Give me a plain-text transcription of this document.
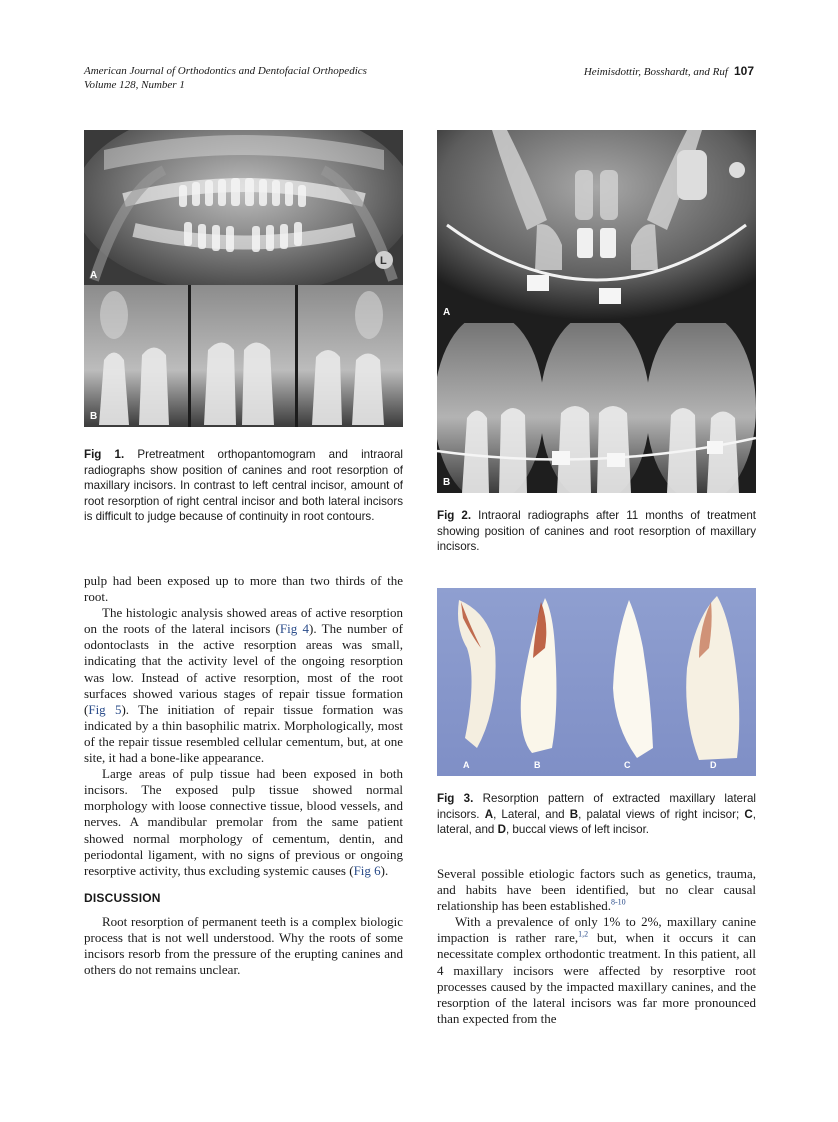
American Journal of Orthodontics and Dentofacial Orthopedics
Volume 128, Number 1
Heimisdottir, Bosshardt, and Ruf 107
L
A
B
Fig 1. Pretreatment orthopantomogram and intraoral radiographs show position of canines and root resorption of maxillary incisors. In contrast to left central incisor, amount of root resorption of right central incisor and both lateral incisors is difficult to judge because of continuity in root contours.
A
B
Fig 2. Intraoral radiographs after 11 months of treatment showing position of canines and root resorption of maxillary incisors.
A	B	C	D
Fig 3. Resorption pattern of extracted maxillary lateral incisors. A, Lateral, and B, palatal views of right incisor; C, lateral, and D, buccal views of left incisor.

pulp had been exposed up to more than two thirds of the root.

The histologic analysis showed areas of active resorption on the roots of the lateral incisors (Fig 4). The number of odontoclasts in the active resorption areas was small, indicating that the activity level of the ongoing resorption was low. Instead of active resorption, most of the root surfaces showed various stages of repair tissue formation (Fig 5). The initiation of repair tissue formation was indicated by a thin basophilic matrix. Morphologically, most of the repair tissue resembled cellular cementum, but, at one site, it had a bone-like appearance.

Large areas of pulp tissue had been exposed in both incisors. The exposed pulp tissue showed normal morphology with loose connective tissue, blood vessels, and nerves. A mandibular premolar from the same patient showed normal morphology of cementum, dentin, and periodontal ligament, with no signs of previous or ongoing resorptive activity, thus excluding systemic causes (Fig 6).

DISCUSSION

Root resorption of permanent teeth is a complex biologic process that is not well understood. Why the roots of some incisors resorb from the pressure of the erupting canines and others do not remains unclear.

Several possible etiologic factors such as genetics, trauma, and habits have been identified, but no clear causal relationship has been established.$^{8-10}$

With a prevalence of only 1% to 2%, maxillary canine impaction is rather rare,$^{1,2}$ but, when it occurs it can necessitate complex orthodontic treatment. In this patient, all 4 maxillary incisors were affected by resorptive root processes caused by the impacted maxillary canines, and the resorption of the lateral incisors was far more pronounced than expected from the
